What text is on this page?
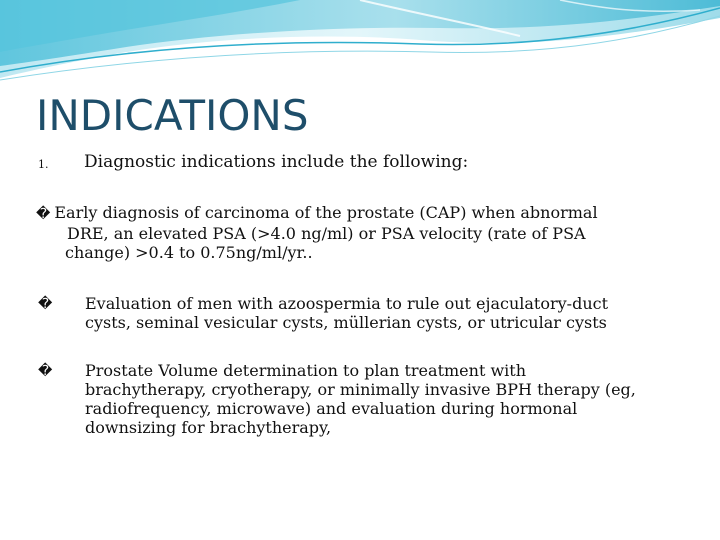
INDICATIONS
1. Diagnostic indications include the following:
� Early diagnosis of carcinoma of the prostate (CAP) when abnormal
DRE, an elevated PSA (>4.0 ng/ml) or PSA velocity (rate of PSA
change) >0.4 to 0.75ng/ml/yr..
� Evaluation of men with azoospermia to rule out ejaculatory-duct
cysts, seminal vesicular cysts, müllerian cysts, or utricular cysts
� Prostate Volume determination to plan treatment with
brachytherapy, cryotherapy, or minimally invasive BPH therapy (eg,
radiofrequency, microwave) and evaluation during hormonal
downsizing for brachytherapy,
